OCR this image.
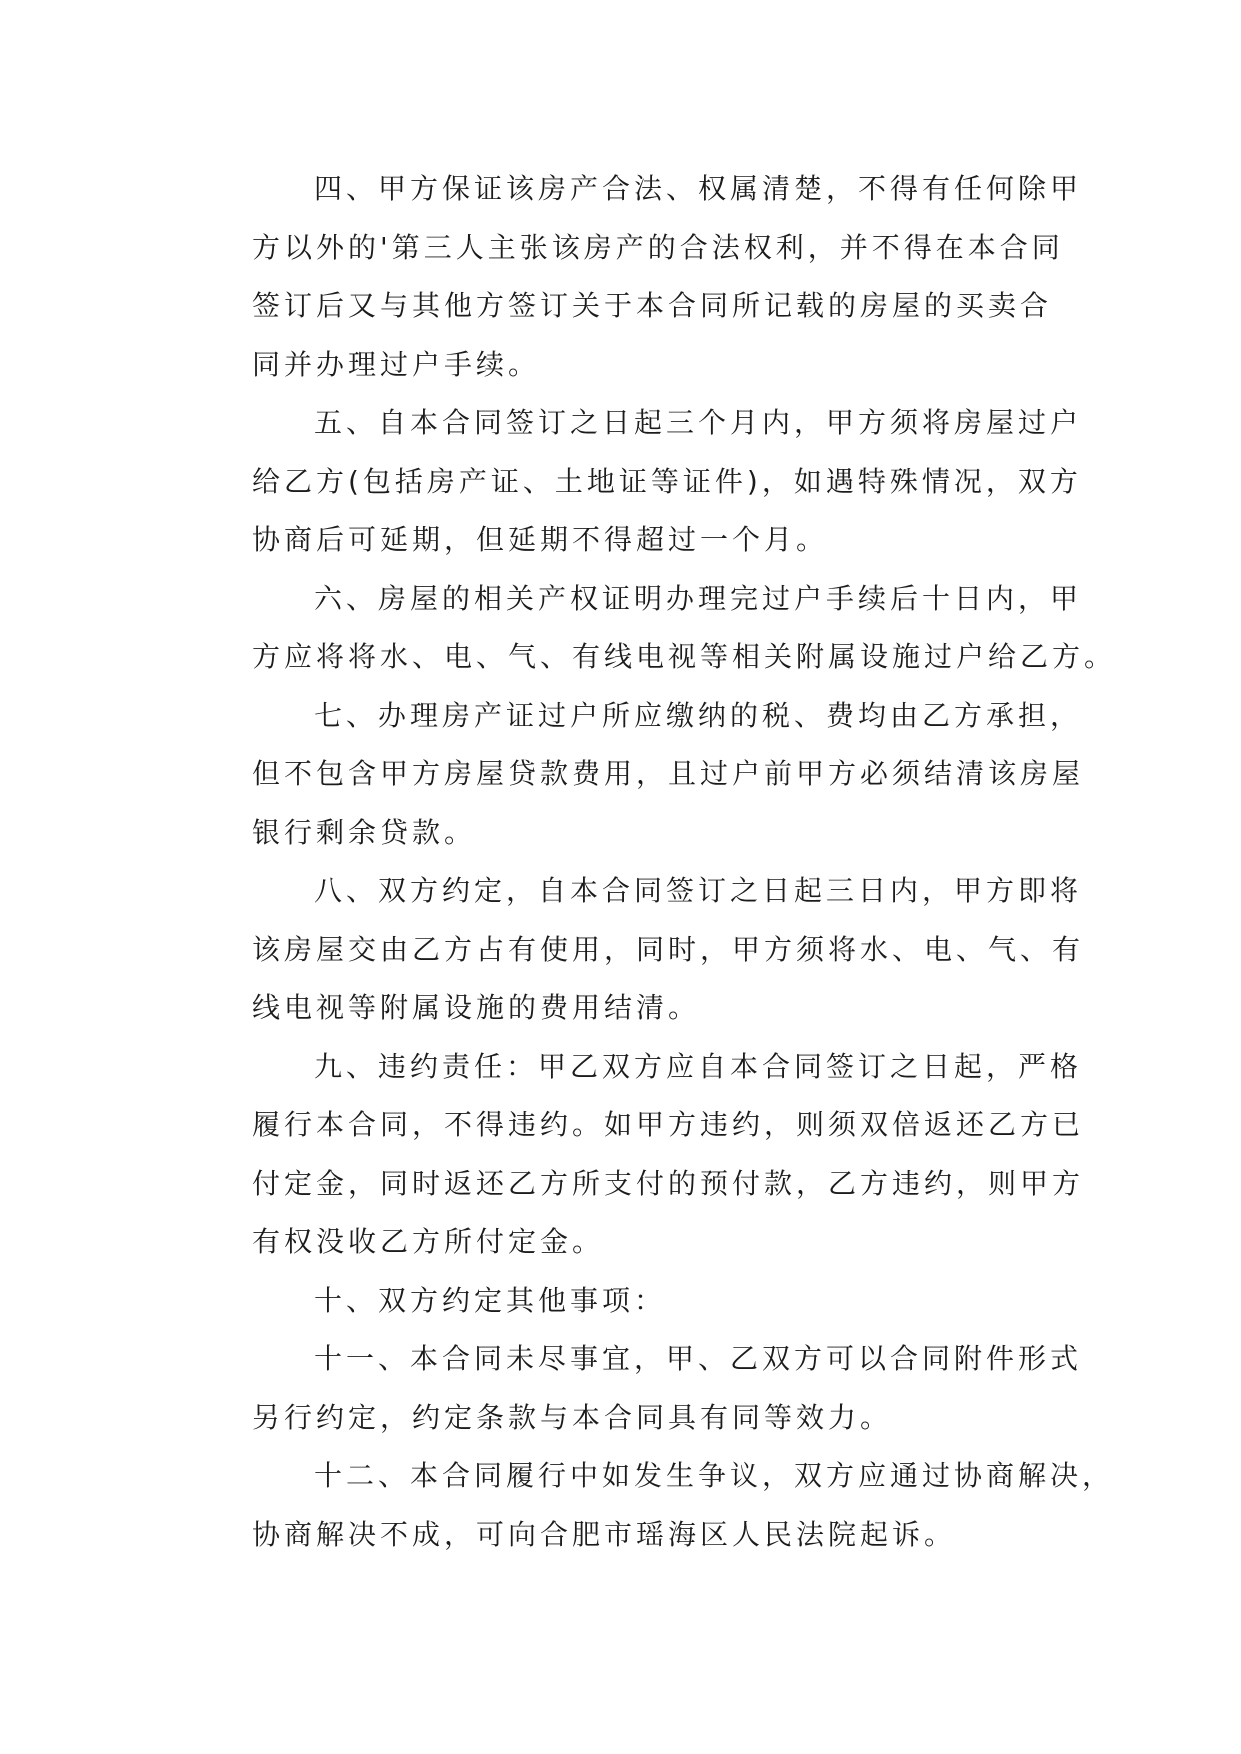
四、甲方保证该房产合法、权属清楚，不得有任何除甲
方以外的'第三人主张该房产的合法权利，并不得在本合同
签订后又与其他方签订关于本合同所记载的房屋的买卖合
同并办理过户手续。
五、自本合同签订之日起三个月内，甲方须将房屋过户
给乙方(包括房产证、土地证等证件)，如遇特殊情况，双方
协商后可延期，但延期不得超过一个月。
六、房屋的相关产权证明办理完过户手续后十日内，甲
方应将将水、电、气、有线电视等相关附属设施过户给乙方。
七、办理房产证过户所应缴纳的税、费均由乙方承担，
但不包含甲方房屋贷款费用，且过户前甲方必须结清该房屋
银行剩余贷款。
八、双方约定，自本合同签订之日起三日内，甲方即将
该房屋交由乙方占有使用，同时，甲方须将水、电、气、有
线电视等附属设施的费用结清。
九、违约责任：甲乙双方应自本合同签订之日起，严格
履行本合同，不得违约。如甲方违约，则须双倍返还乙方已
付定金，同时返还乙方所支付的预付款，乙方违约，则甲方
有权没收乙方所付定金。
十、双方约定其他事项：
十一、本合同未尽事宜，甲、乙双方可以合同附件形式
另行约定，约定条款与本合同具有同等效力。
十二、本合同履行中如发生争议，双方应通过协商解决，
协商解决不成，可向合肥市瑶海区人民法院起诉。
